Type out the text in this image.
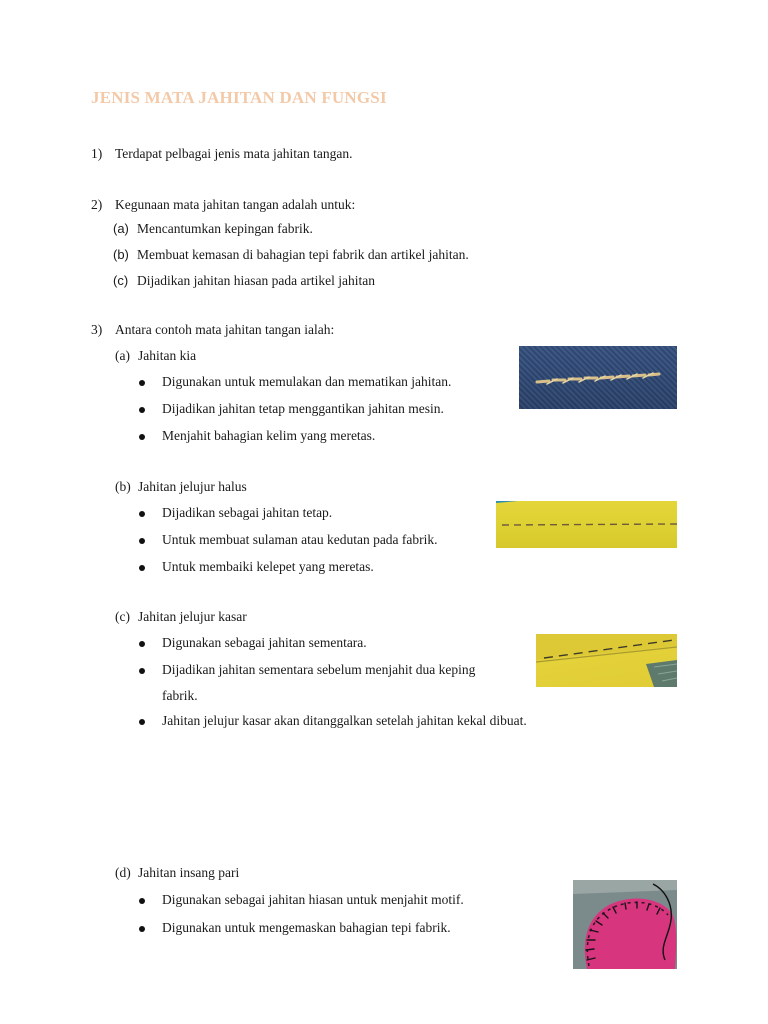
JENIS MATA JAHITAN DAN FUNGSI
1) Terdapat pelbagai jenis mata jahitan tangan.
2) Kegunaan mata jahitan tangan adalah untuk:
(a) Mencantumkan kepingan fabrik.
(b) Membuat kemasan di bahagian tepi fabrik dan artikel jahitan.
(c) Dijadikan jahitan hiasan pada artikel jahitan
3) Antara contoh mata jahitan tangan ialah:
(a) Jahitan kia
Digunakan untuk memulakan dan mematikan jahitan.
Dijadikan jahitan tetap menggantikan jahitan mesin.
Menjahit bahagian kelim yang meretas.
(b) Jahitan jelujur halus
Dijadikan sebagai jahitan tetap.
Untuk membuat sulaman atau kedutan pada fabrik.
Untuk membaiki kelepet yang meretas.
(c) Jahitan jelujur kasar
Digunakan sebagai jahitan sementara.
Dijadikan jahitan sementara sebelum menjahit dua keping
fabrik.
Jahitan jelujur kasar akan ditanggalkan setelah jahitan kekal dibuat.
(d) Jahitan insang pari
Digunakan sebagai jahitan hiasan untuk menjahit motif.
Digunakan untuk mengemaskan bahagian tepi fabrik.
